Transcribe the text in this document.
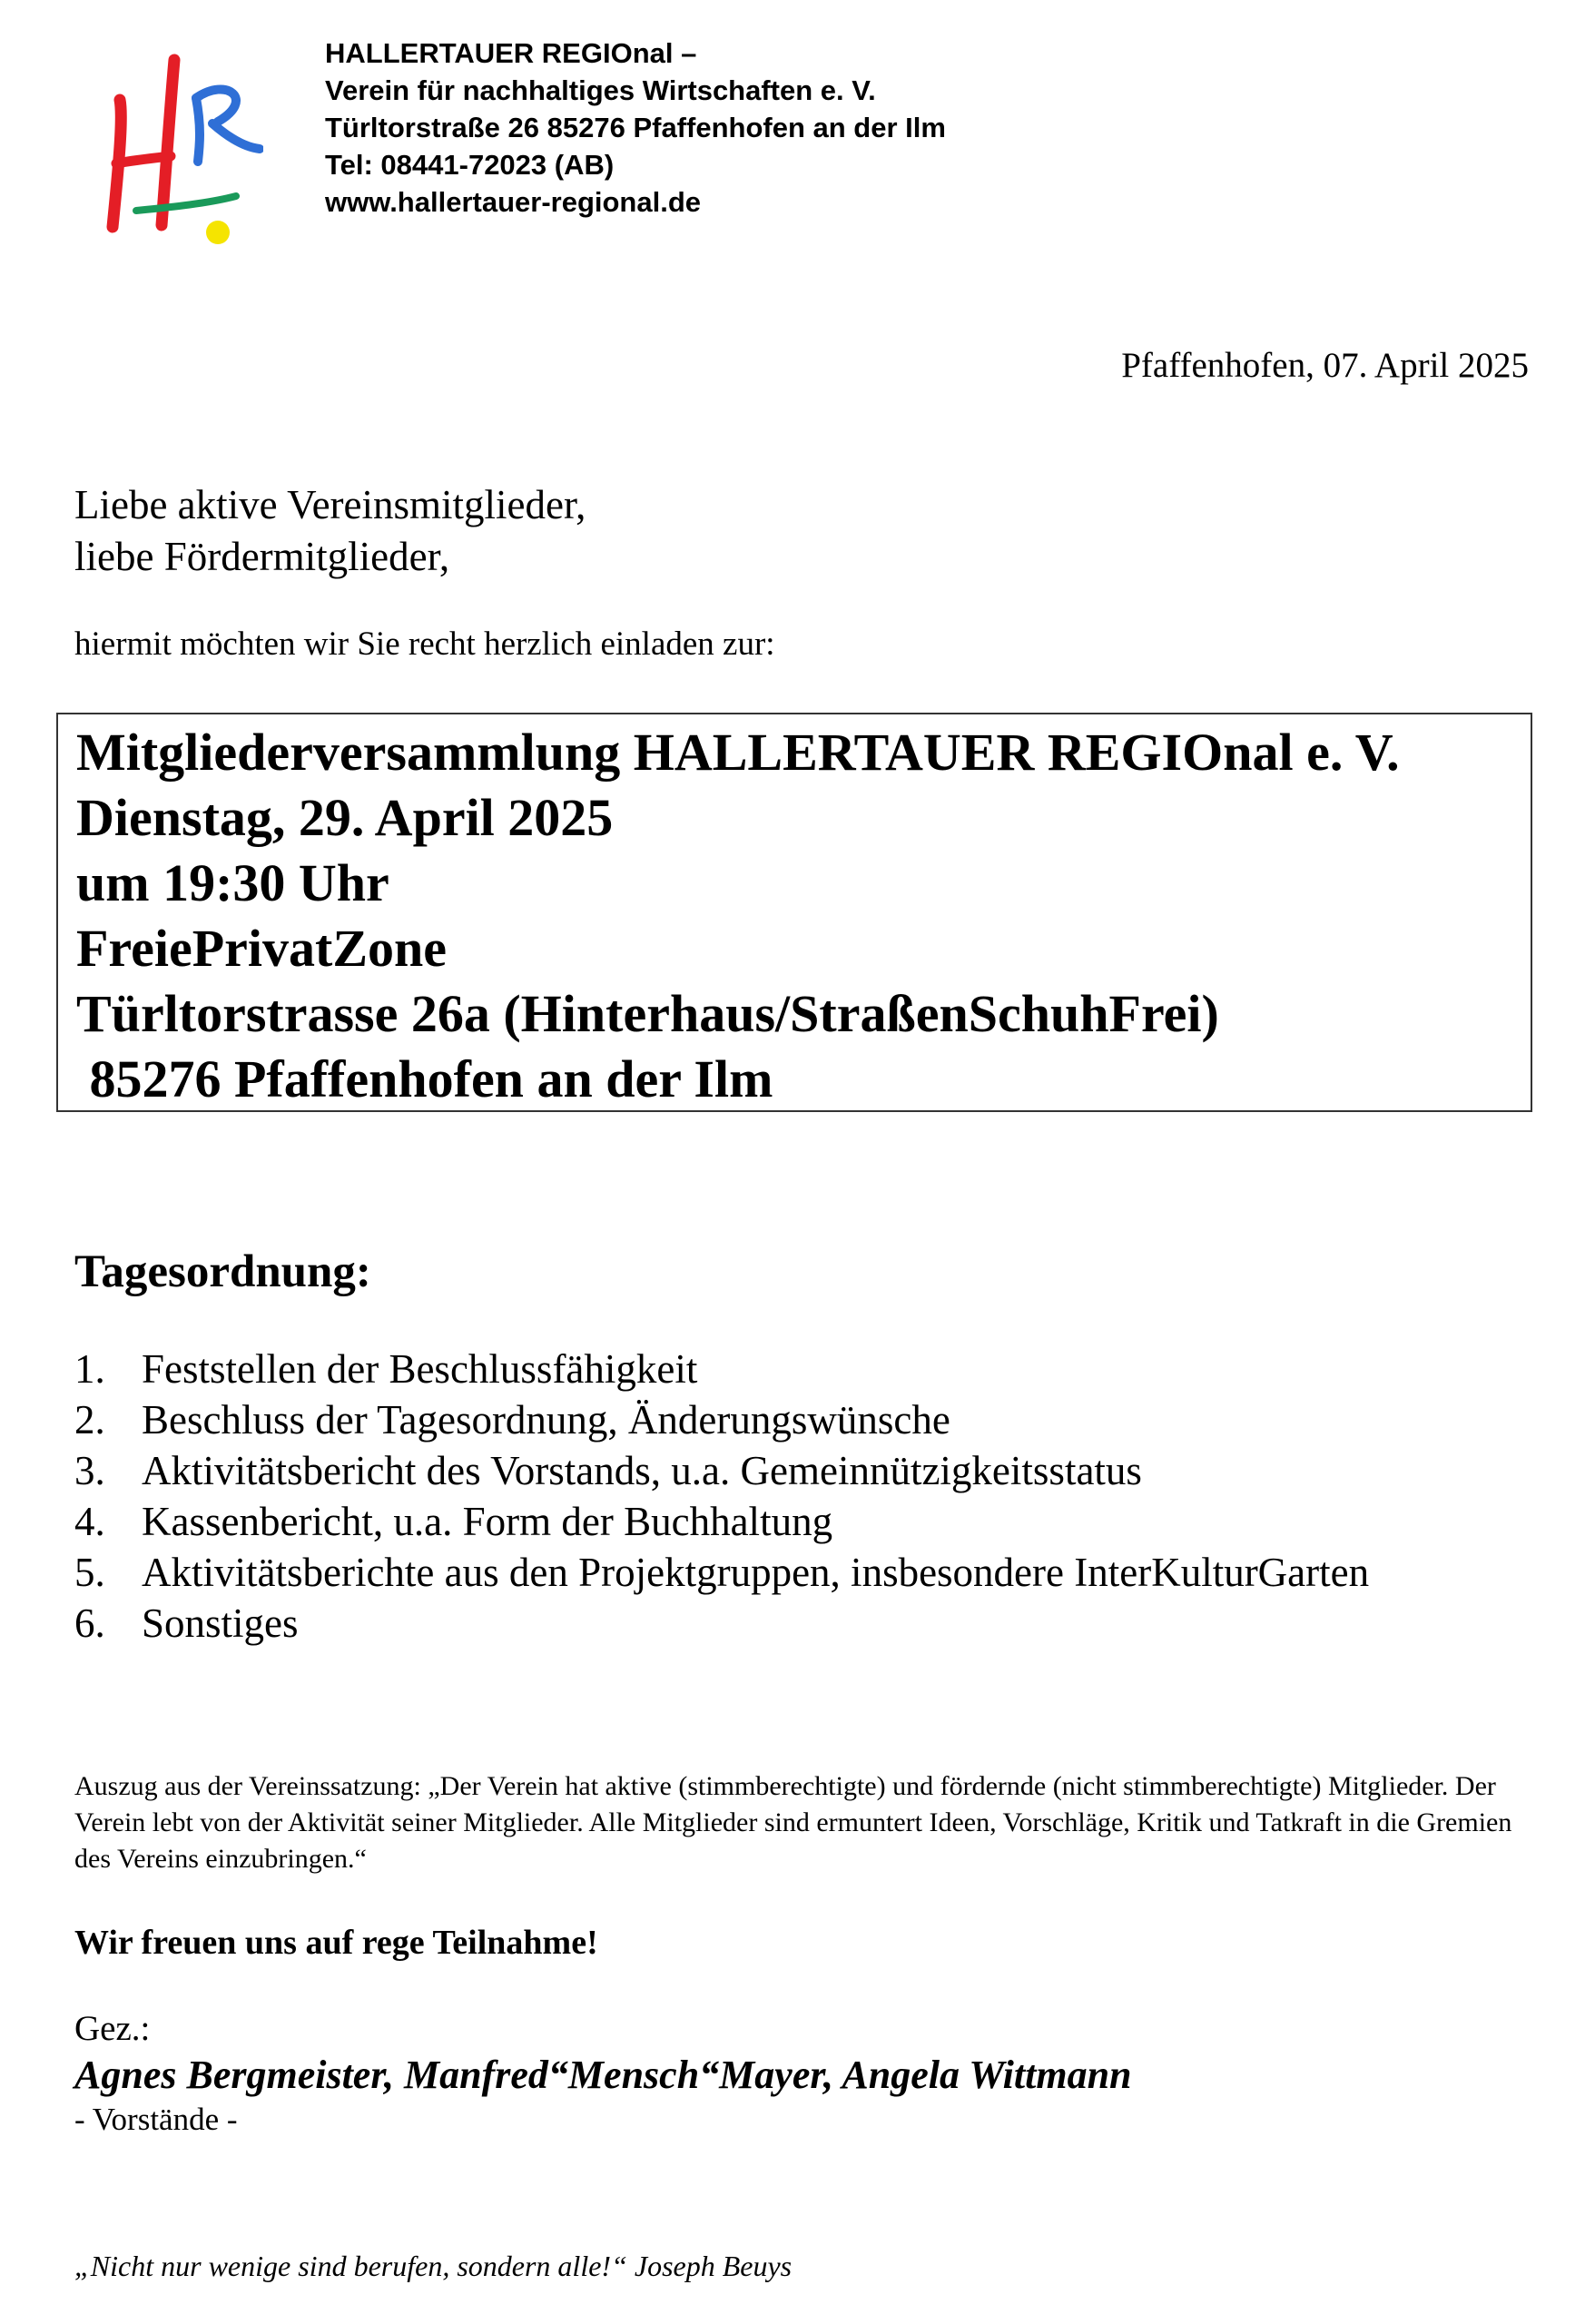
HALLERTAUER REGIOnal –
Verein für nachhaltiges Wirtschaften e. V.
Türltorstraße 26 85276 Pfaffenhofen an der Ilm
Tel: 08441-72023 (AB)
www.hallertauer-regional.de
Pfaffenhofen, 07. April 2025
Liebe aktive Vereinsmitglieder,
liebe Fördermitglieder,
hiermit möchten wir Sie recht herzlich einladen zur:
Mitgliederversammlung HALLERTAUER REGIOnal e. V.
Dienstag, 29. April 2025
um 19:30 Uhr
FreiePrivatZone
Türltorstrasse 26a (Hinterhaus/StraßenSchuhFrei)
85276 Pfaffenhofen an der Ilm
Tagesordnung:
1. Feststellen der Beschlussfähigkeit
2. Beschluss der Tagesordnung, Änderungswünsche
3. Aktivitätsbericht des Vorstands, u.a. Gemeinnützigkeitsstatus
4. Kassenbericht, u.a. Form der Buchhaltung
5. Aktivitätsberichte aus den Projektgruppen, insbesondere InterKulturGarten
6. Sonstiges
Auszug aus der Vereinssatzung: „Der Verein hat aktive (stimmberechtigte) und fördernde (nicht stimmberechtigte) Mitglieder. Der Verein lebt von der Aktivität seiner Mitglieder. Alle Mitglieder sind ermuntert Ideen, Vorschläge, Kritik und Tatkraft in die Gremien des Vereins einzubringen.“
Wir freuen uns auf rege Teilnahme!
Gez.:
Agnes Bergmeister, Manfred“Mensch“Mayer, Angela Wittmann
- Vorstände -
„Nicht nur wenige sind berufen, sondern alle!“ Joseph Beuys
